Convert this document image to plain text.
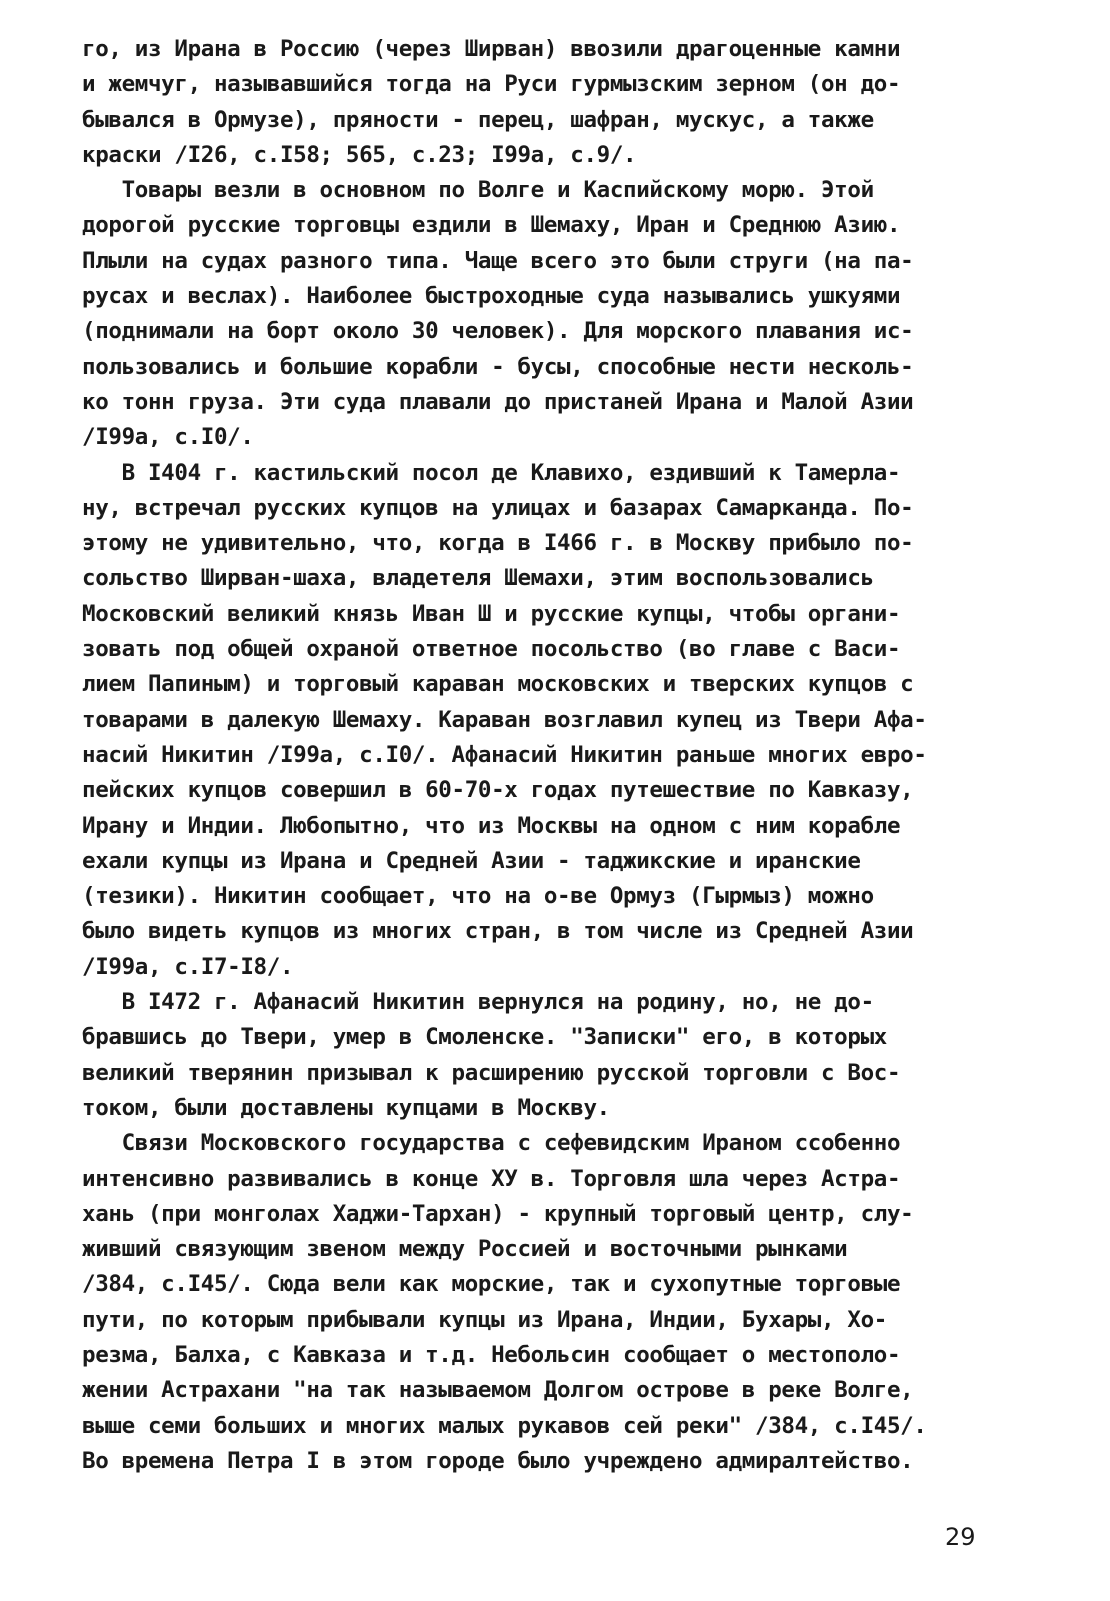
го, из Ирана в Россию (через Ширван) ввозили драгоценные камни
и жемчуг, называвшийся тогда на Руси гурмызским зерном (он до-
бывался в Ормузе), пряности - перец, шафран, мускус, а также
краски /I26, c.I58; 565, с.23; I99а, с.9/.
Товары везли в основном по Волге и Каспийскому морю. Этой
дорогой русские торговцы ездили в Шемаху, Иран и Среднюю Азию.
Плыли на судах разного типа. Чаще всего это были струги (на па-
русах и веслах). Наиболее быстроходные суда назывались ушкуями
(поднимали на борт около 30 человек). Для морского плавания ис-
пользовались и большие корабли - бусы, способные нести несколь-
ко тонн груза. Эти суда плавали до пристаней Ирана и Малой Азии
/I99а, с.I0/.
В I404 г. кастильский посол де Клавихо, ездивший к Тамерла-
ну, встречал русских купцов на улицах и базарах Самарканда. По-
этому не удивительно, что, когда в I466 г. в Москву прибыло по-
сольство Ширван-шаха, владетеля Шемахи, этим воспользовались
Московский великий князь Иван Ш и русские купцы, чтобы органи-
зовать под общей охраной ответное посольство (во главе с Васи-
лием Папиным) и торговый караван московских и тверских купцов с
товарами в далекую Шемаху. Караван возглавил купец из Твери Афа-
насий Никитин /I99а, с.I0/. Афанасий Никитин раньше многих евро-
пейских купцов совершил в 60-70-х годах путешествие по Кавказу,
Ирану и Индии. Любопытно, что из Москвы на одном с ним корабле
ехали купцы из Ирана и Средней Азии - таджикские и иранские
(тезики). Никитин сообщает, что на о-ве Ормуз (Гырмыз) можно
было видеть купцов из многих стран, в том числе из Средней Азии
/I99а, с.I7-I8/.
В I472 г. Афанасий Никитин вернулся на родину, но, не до-
бравшись до Твери, умер в Смоленске. "Записки" его, в которых
великий тверянин призывал к расширению русской торговли с Вос-
током, были доставлены купцами в Москву.
Связи Московского государства с сефевидским Ираном ссобенно
интенсивно развивались в конце ХУ в. Торговля шла через Астра-
хань (при монголах Хаджи-Тархан) - крупный торговый центр, слу-
живший связующим звеном между Россией и восточными рынками
/384, с.I45/. Сюда вели как морские, так и сухопутные торговые
пути, по которым прибывали купцы из Ирана, Индии, Бухары, Хо-
резма, Балха, с Кавказа и т.д. Небольсин сообщает о местополо-
жении Астрахани "на так называемом Долгом острове в реке Волге,
выше семи больших и многих малых рукавов сей реки" /384, с.I45/.
Во времена Петра I в этом городе было учреждено адмиралтейство.
29
